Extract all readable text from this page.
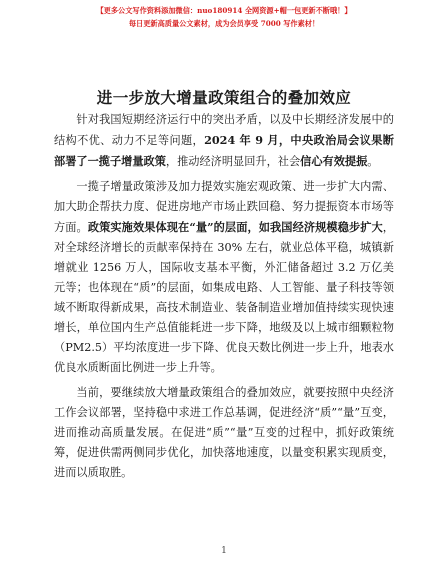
【更多公文写作资料添加微信：nuo180914 全网资源+帽一包更新不断哦！】
每日更新高质量公文素材，成为会员享受 7000 写作素材！
进一步放大增量政策组合的叠加效应

针对我国短期经济运行中的突出矛盾，以及中长期经济发展中的结构不优、动力不足等问题，2024 年 9 月，中央政治局会议果断部署了一揽子增量政策，推动经济明显回升，社会信心有效提振。

一揽子增量政策涉及加力提效实施宏观政策、进一步扩大内需、加大助企帮扶力度、促进房地产市场止跌回稳、努力提振资本市场等方面。政策实施效果体现在“量”的层面，如我国经济规模稳步扩大，对全球经济增长的贡献率保持在 30% 左右，就业总体平稳，城镇新增就业 1256 万人，国际收支基本平衡，外汇储备超过 3.2 万亿美元等；也体现在“质”的层面，如集成电路、人工智能、量子科技等领域不断取得新成果，高技术制造业、装备制造业增加值持续实现快速增长，单位国内生产总值能耗进一步下降，地级及以上城市细颗粒物（PM2.5）平均浓度进一步下降、优良天数比例进一步上升，地表水优良水质断面比例进一步上升等。

当前，要继续放大增量政策组合的叠加效应，就要按照中央经济工作会议部署，坚持稳中求进工作总基调，促进经济“质”“量”互变，进而推动高质量发展。在促进“质”“量”互变的过程中，抓好政策统筹，促进供需两侧同步优化，加快落地速度，以量变积累实现质变，进而以质取胜。

1
